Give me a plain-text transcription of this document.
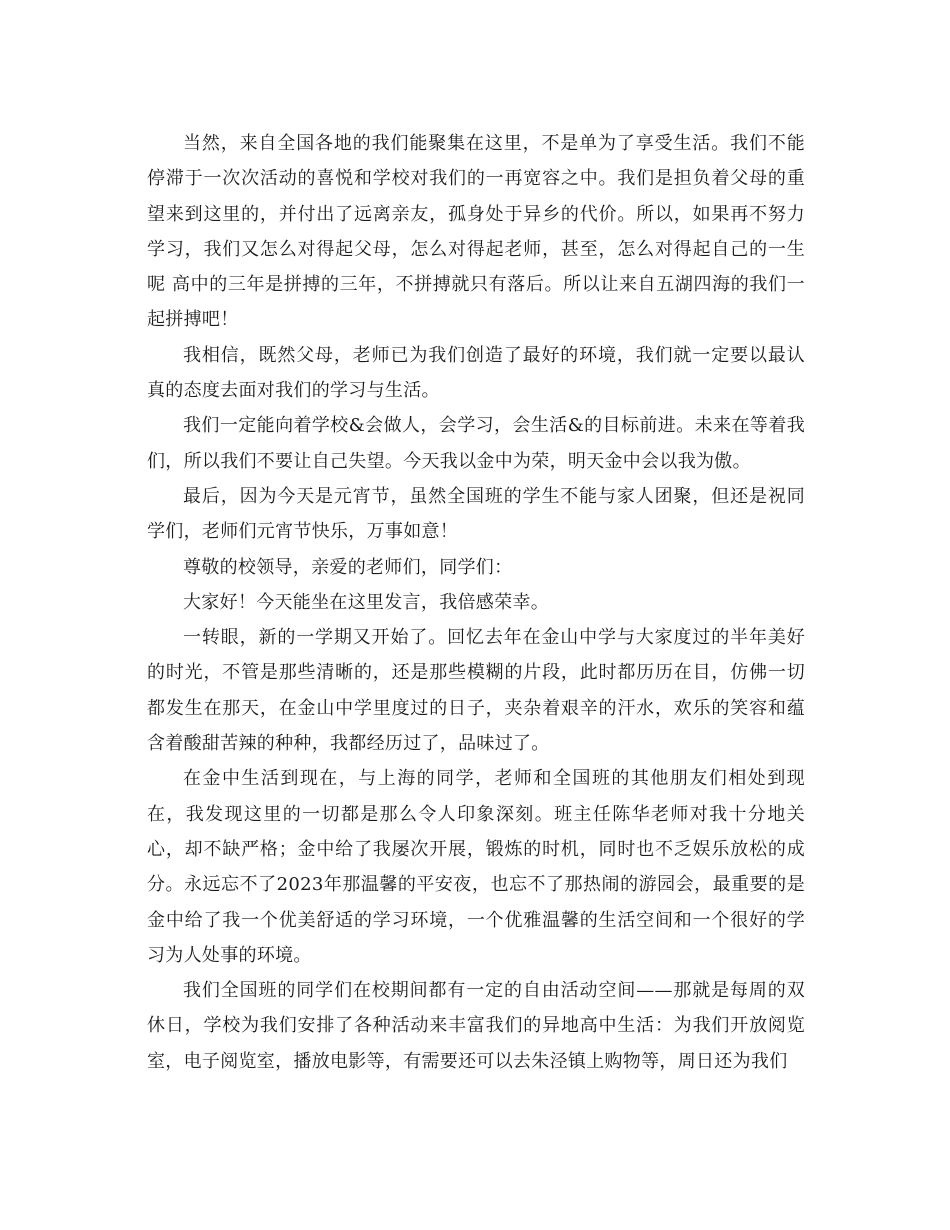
当然，来自全国各地的我们能聚集在这里，不是单为了享受生活。我们不能停滞于一次次活动的喜悦和学校对我们的一再宽容之中。我们是担负着父母的重望来到这里的，并付出了远离亲友，孤身处于异乡的代价。所以，如果再不努力学习，我们又怎么对得起父母，怎么对得起老师，甚至，怎么对得起自己的一生呢 高中的三年是拼搏的三年，不拼搏就只有落后。所以让来自五湖四海的我们一起拼搏吧！

我相信，既然父母，老师已为我们创造了最好的环境，我们就一定要以最认真的态度去面对我们的学习与生活。

我们一定能向着学校&会做人，会学习，会生活&的目标前进。未来在等着我们，所以我们不要让自己失望。今天我以金中为荣，明天金中会以我为傲。

最后，因为今天是元宵节，虽然全国班的学生不能与家人团聚，但还是祝同学们，老师们元宵节快乐，万事如意！

尊敬的校领导，亲爱的老师们，同学们：

大家好！今天能坐在这里发言，我倍感荣幸。

一转眼，新的一学期又开始了。回忆去年在金山中学与大家度过的半年美好的时光，不管是那些清晰的，还是那些模糊的片段，此时都历历在目，仿佛一切都发生在那天，在金山中学里度过的日子，夹杂着艰辛的汗水，欢乐的笑容和蕴含着酸甜苦辣的种种，我都经历过了，品味过了。

在金中生活到现在，与上海的同学，老师和全国班的其他朋友们相处到现在，我发现这里的一切都是那么令人印象深刻。班主任陈华老师对我十分地关心，却不缺严格；金中给了我屡次开展，锻炼的时机，同时也不乏娱乐放松的成分。永远忘不了2023年那温馨的平安夜，也忘不了那热闹的游园会，最重要的是金中给了我一个优美舒适的学习环境，一个优雅温馨的生活空间和一个很好的学习为人处事的环境。

我们全国班的同学们在校期间都有一定的自由活动空间——那就是每周的双休日，学校为我们安排了各种活动来丰富我们的异地高中生活：为我们开放阅览室，电子阅览室，播放电影等，有需要还可以去朱泾镇上购物等，周日还为我们
